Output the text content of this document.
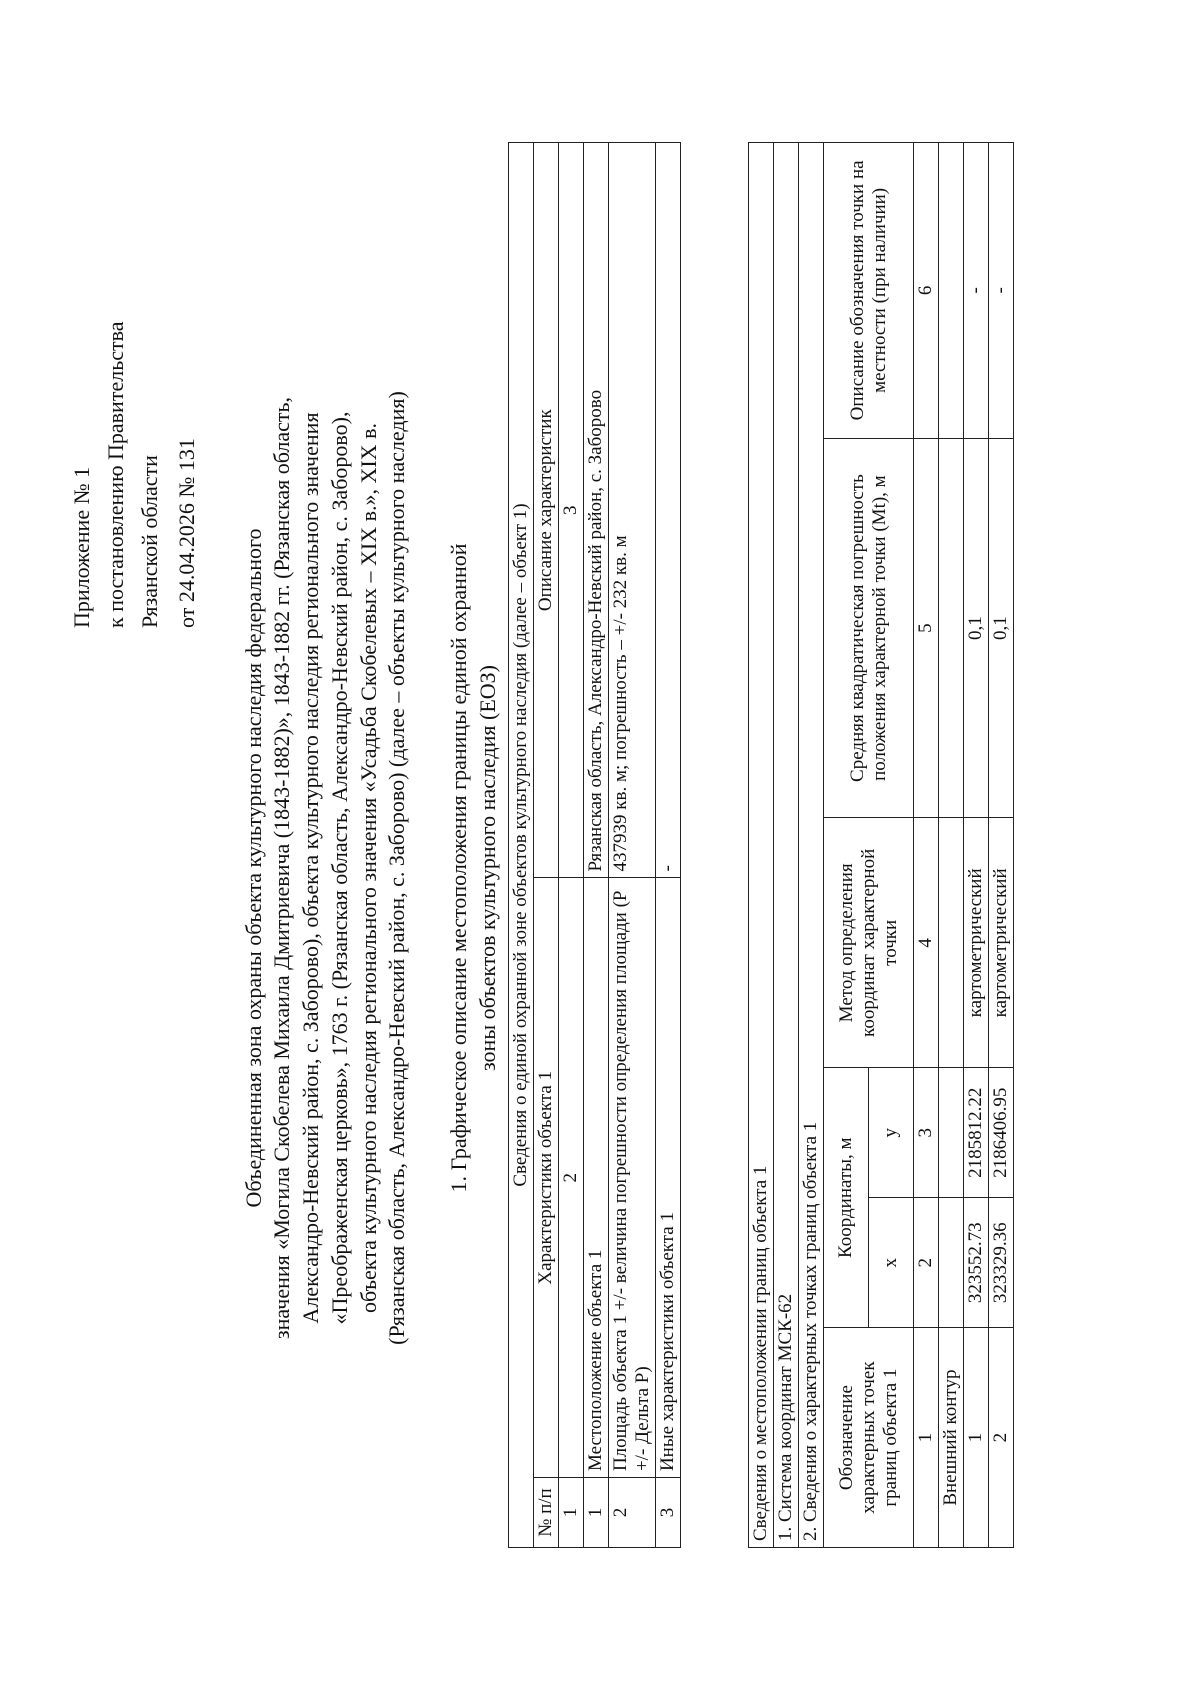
Приложение № 1 к постановлению Правительства Рязанской области от 24.04.2026 № 131 Объединенная зона охраны объекта культурного наследия федерального значения «Могила Скобелева Михаила Дмитриевича (1843-1882)», 1843-1882 гг. (Рязанская область, Александро-Невский район, с. Заборово), объекта культурного наследия регионального значения «Преображенская церковь», 1763 г. (Рязанская область, Александро-Невский район, с. Заборово), объекта культурного наследия регионального значения «Усадьба Скобелевых – XIX в.», XIX в. (Рязанская область, Александро-Невский район, с. Заборово) (далее – объекты культурного наследия) 1. Графическое описание местоположения границы единой охранной зоны объектов культурного наследия (ЕОЗ) Сведения о единой охранной зоне объектов культурного наследия (далее – объект 1)		
№ п/п	Характеристики объекта 1	Описание характеристик
1	2	3
1	Местоположение объекта 1	Рязанская область, Александро-Невский район, с. Заборово
2	Площадь объекта 1 +/- величина погрешности определения площади (Р +/- Дельта Р)	437939 кв. м; погрешность – +/- 232 кв. м
3	Иные характеристики объекта 1	-
Сведения о местоположении границ объекта 1					
1. Система координат МСК-62					
2. Сведения о характерных точках границ объекта 1					
Обозначение характерных точек границ объекта 1	Координаты, м		Метод определения координат характерной точки	Средняя квадратическая погрешность положения характерной точки (Mt), м	Описание обозначения точки на местности (при наличии)
	x	y			
1	2	3	4	5	6
Внешний контур					
1	323552.73	2185812.22	картометрический	0,1	-
2	323329.36	2186406.95	картометрический	0,1	-
